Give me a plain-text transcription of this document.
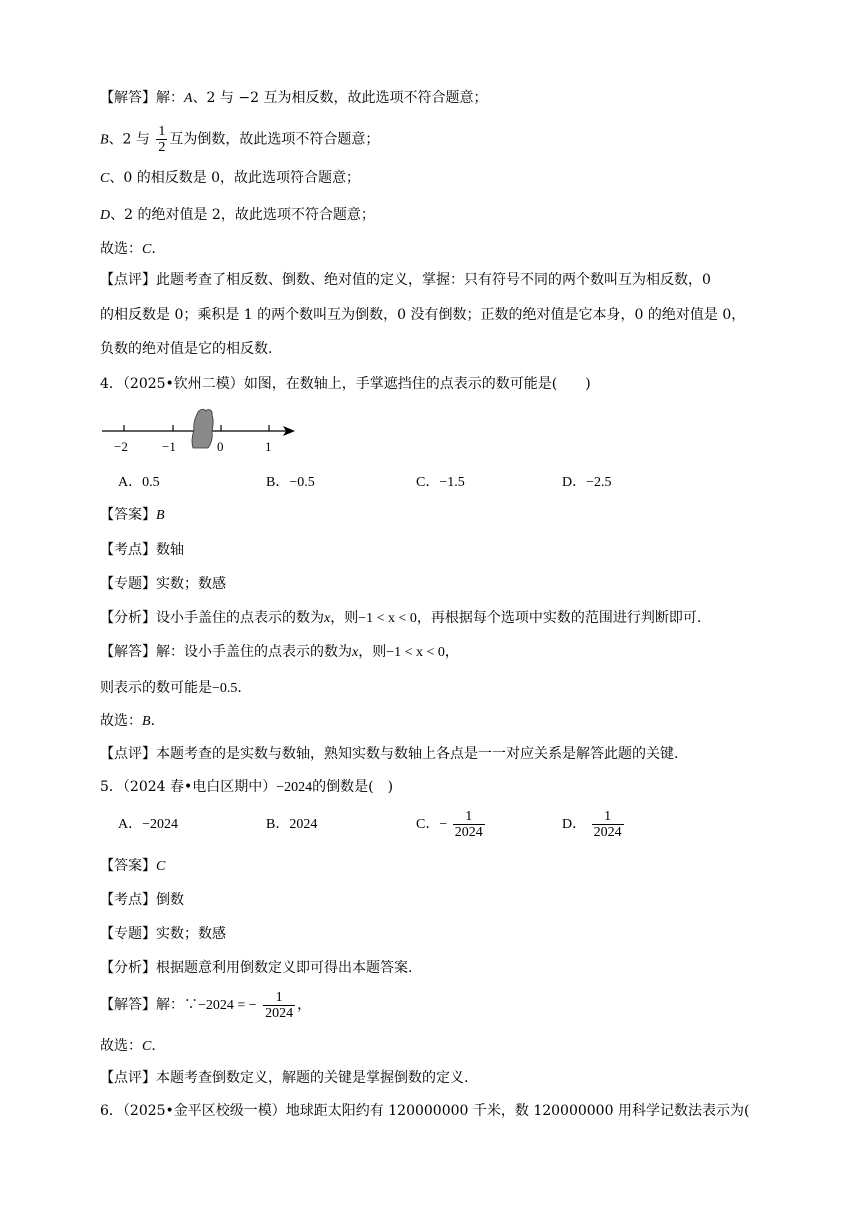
【解答】解：A、2 与 −2 互为相反数，故此选项不符合题意；
B、2 与 $\frac{1}{2}$ 互为倒数，故此选项不符合题意；
C、0 的相反数是 0，故此选项符合题意；
D、2 的绝对值是 2，故此选项不符合题意；
故选：C.
【点评】此题考查了相反数、倒数、绝对值的定义，掌握：只有符号不同的两个数叫互为相反数，0
的相反数是 0；乘积是 1 的两个数叫互为倒数，0 没有倒数；正数的绝对值是它本身，0 的绝对值是 0，
负数的绝对值是它的相反数.
4．（2025•钦州二模）如图，在数轴上，手掌遮挡住的点表示的数可能是(　　)
−2	−1	0	1
A．0.5	B．−0.5	C．−1.5	D．−2.5
【答案】B
【考点】数轴
【专题】实数；数感
【分析】设小手盖住的点表示的数为x，则−1 < x < 0，再根据每个选项中实数的范围进行判断即可.
【解答】解：设小手盖住的点表示的数为x，则−1 < x < 0，
则表示的数可能是−0.5.
故选：B.
【点评】本题考查的是实数与数轴，熟知实数与数轴上各点是一一对应关系是解答此题的关键.
5．（2024 春•电白区期中）−2024的倒数是(　)
A．−2024	B．2024	C．− $\frac{1}{2024}$	D． $\frac{1}{2024}$
【答案】C
【考点】倒数
【专题】实数；数感
【分析】根据题意利用倒数定义即可得出本题答案.
【解答】解：∵−2024 = − $\frac{1}{2024}$ ，
故选：C.
【点评】本题考查倒数定义，解题的关键是掌握倒数的定义.
6．（2025•金平区校级一模）地球距太阳约有 120000000 千米，数 120000000 用科学记数法表示为(
